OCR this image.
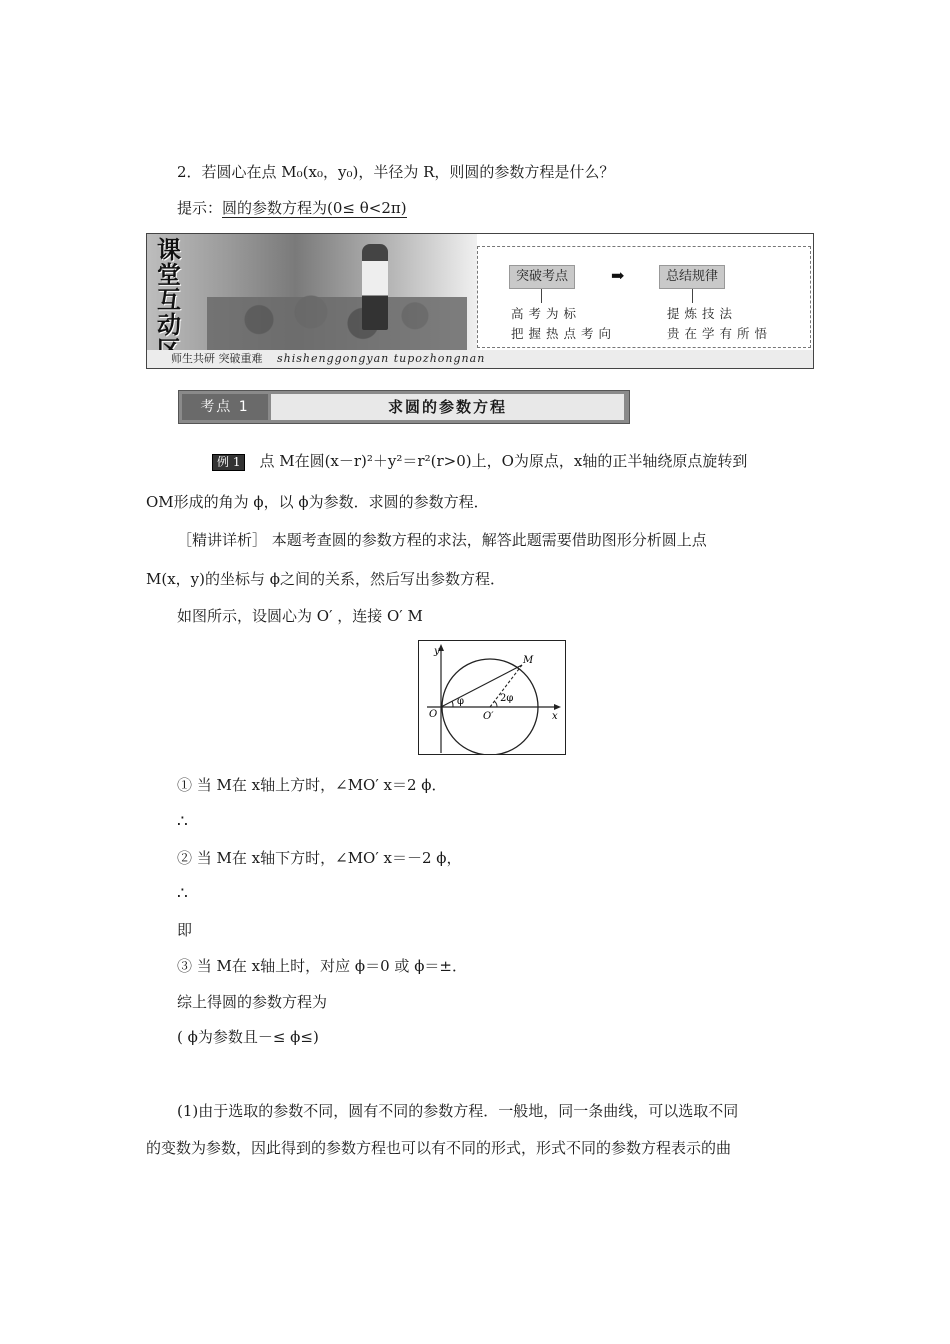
2．若圆心在点 M₀(x₀，y₀)，半径为 R，则圆的参数方程是什么？
提示：圆的参数方程为(0≤ θ<2π)
课
堂
互
动
师生共研 突破重难 shishenggongyan tupozhongnan
突破考点	➡	总结规律
高考为标
把握热点考向
提炼技法
贵在学有所悟
考点 1	求圆的参数方程
例 1 点 M在圆(x－r)²＋y²＝r²(r>0)上，O为原点，x轴的正半轴绕原点旋转到
OM形成的角为 ϕ，以 ϕ为参数．求圆的参数方程．
［精讲详析］ 本题考查圆的参数方程的求法，解答此题需要借助图形分析圆上点
M(x，y)的坐标与 ϕ之间的关系，然后写出参数方程．
如图所示，设圆心为 O′ ，连接 O′ M
y
x
O	O′
M
φ	2φ
① 当 M在 x轴上方时，∠MO′ x＝2 ϕ．
∴
② 当 M在 x轴下方时，∠MO′ x＝－2 ϕ，
∴
即
③ 当 M在 x轴上时，对应 ϕ＝0 或 ϕ＝±．
综上得圆的参数方程为
( ϕ为参数且－≤ ϕ≤)
(1)由于选取的参数不同，圆有不同的参数方程．一般地，同一条曲线，可以选取不同
的变数为参数，因此得到的参数方程也可以有不同的形式，形式不同的参数方程表示的曲
